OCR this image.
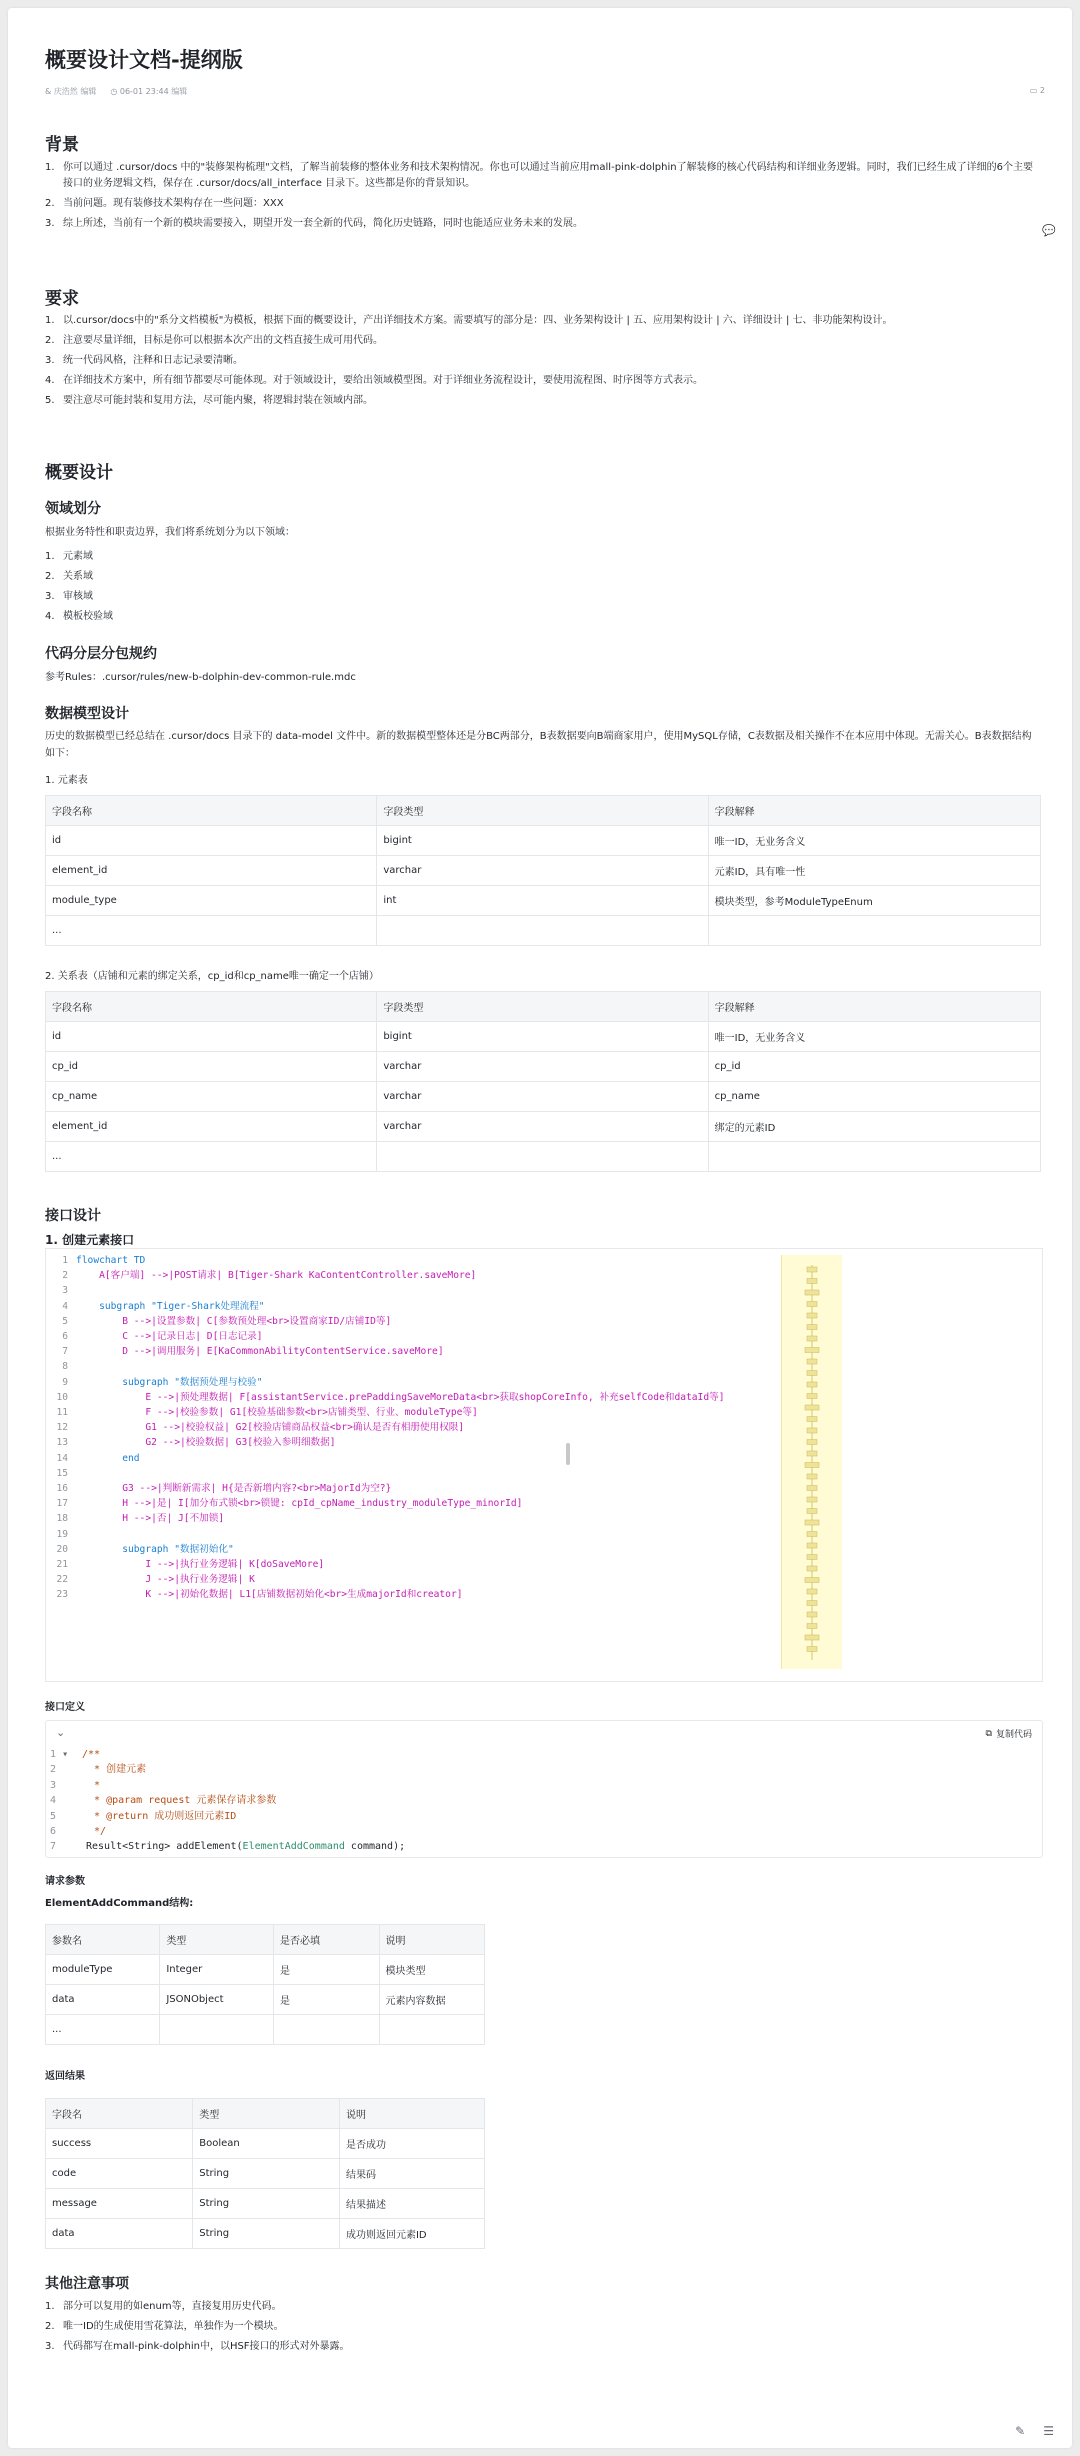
概要设计文档-提纲版
& 庆浩然 编辑 ◷ 06-01 23:44 编辑	▭ 2
背景
1. 你可以通过 .cursor/docs 中的"装修架构梳理"文档，了解当前装修的整体业务和技术架构情况。你也可以通过当前应用mall-pink-dolphin了解装修的核心代码结构和详细业务逻辑。同时，我们已经生成了详细的6个主要接口的业务逻辑文档，保存在 .cursor/docs/all_interface 目录下。这些都是你的背景知识。
2. 当前问题。现有装修技术架构存在一些问题：XXX
3. 综上所述，当前有一个新的模块需要接入，期望开发一套全新的代码，简化历史链路，同时也能适应业务未来的发展。
要求
1. 以.cursor/docs中的"系分文档模板"为模板，根据下面的概要设计，产出详细技术方案。需要填写的部分是：四、业务架构设计 | 五、应用架构设计 | 六、详细设计 | 七、非功能架构设计。
2. 注意要尽量详细，目标是你可以根据本次产出的文档直接生成可用代码。
3. 统一代码风格，注释和日志记录要清晰。
4. 在详细技术方案中，所有细节都要尽可能体现。对于领域设计，要给出领域模型图。对于详细业务流程设计，要使用流程图、时序图等方式表示。
5. 要注意尽可能封装和复用方法，尽可能内聚，将逻辑封装在领域内部。
概要设计
领域划分

根据业务特性和职责边界，我们将系统划分为以下领域：

1. 元素域
2. 关系域
3. 审核域
4. 模板校验域
代码分层分包规约

参考Rules：.cursor/rules/new-b-dolphin-dev-common-rule.mdc

数据模型设计

历史的数据模型已经总结在 .cursor/docs 目录下的 data-model 文件中。新的数据模型整体还是分BC两部分，B表数据要向B端商家用户，使用MySQL存储，C表数据及相关操作不在本应用中体现。无需关心。B表数据结构如下：

1. 元素表
字段名称	字段类型	字段解释
id	bigint	唯一ID，无业务含义
element_id	varchar	元素ID，具有唯一性
module_type	int	模块类型，参考ModuleTypeEnum
...		
2. 关系表（店铺和元素的绑定关系，cp_id和cp_name唯一确定一个店铺）
字段名称	字段类型	字段解释
id	bigint	唯一ID，无业务含义
cp_id	varchar	cp_id
cp_name	varchar	cp_name
element_id	varchar	绑定的元素ID
...		
接口设计
1. 创建元素接口
1 flowchart TD
2 A[客户端] -->|POST请求| B[Tiger-Shark KaContentController.saveMore]
3
4 subgraph "Tiger-Shark处理流程"
5 B -->|设置参数| C[参数预处理<br>设置商家ID/店铺ID等]
6 C -->|记录日志| D[日志记录]
7 D -->|调用服务| E[KaCommonAbilityContentService.saveMore]
8
9 subgraph "数据预处理与校验"
10 E -->|预处理数据| F[assistantService.prePaddingSaveMoreData<br>获取shopCoreInfo, 补充selfCode和dataId等]
11 F -->|校验参数| G1[校验基础参数<br>店铺类型、行业、moduleType等]
12 G1 -->|校验权益| G2[校验店铺商品权益<br>确认是否有相册使用权限]
13 G2 -->|校验数据| G3[校验入参明细数据]
14 end
15
16 G3 -->|判断新需求| H{是否新增内容?<br>MajorId为空?}
17 H -->|是| I[加分布式锁<br>锁键: cpId_cpName_industry_moduleType_minorId]
18 H -->|否| J[不加锁]
19
20 subgraph "数据初始化"
21 I -->|执行业务逻辑| K[doSaveMore]
22 J -->|执行业务逻辑| K
23 K -->|初始化数据| L1[店铺数据初始化<br>生成majorId和creator]
接口定义
⌄	⧉ 复制代码
1 ▾ /**
2	* 创建元素
3	*
4	* @param request 元素保存请求参数
5	* @return 成功则返回元素ID
6	*/
7	Result<String> addElement(ElementAddCommand command);
请求参数
ElementAddCommand结构:
参数名	类型	是否必填	说明
moduleType	Integer	是	模块类型
data	JSONObject	是	元素内容数据
...			
返回结果
字段名	类型	说明
success	Boolean	是否成功
code	String	结果码
message	String	结果描述
data	String	成功则返回元素ID
其他注意事项
1. 部分可以复用的如enum等，直接复用历史代码。
2. 唯一ID的生成使用雪花算法，单独作为一个模块。
3. 代码都写在mall-pink-dolphin中，以HSF接口的形式对外暴露。
💬
✎ ☰
